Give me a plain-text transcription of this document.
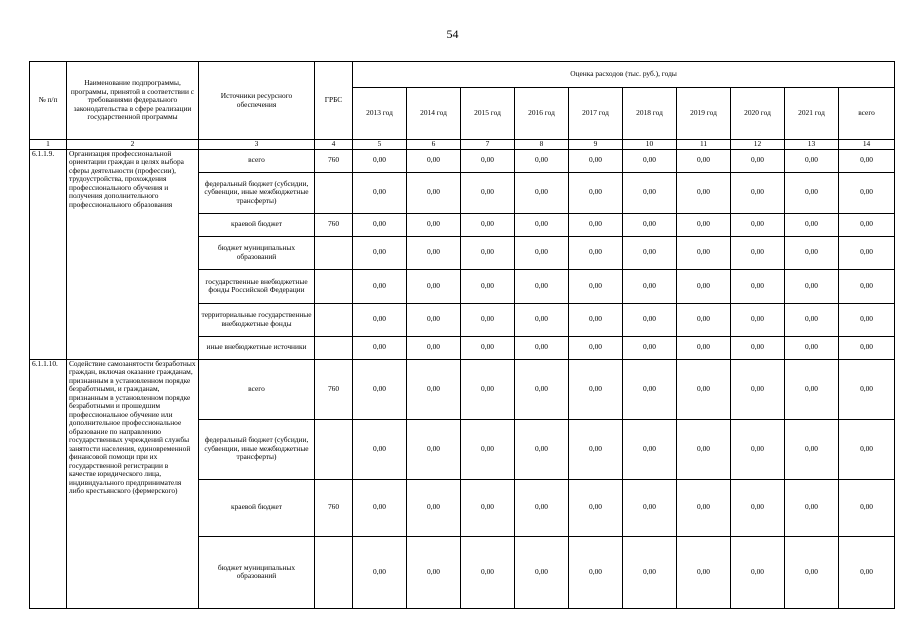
54
№ п/п	Наименование подпрограммы, программы, принятой в соответствии с требованиями федерального законодательства в сфере реализации государственной программы	Источники ресурсного обеспечения	ГРБС	Оценка расходов (тыс. руб.), годы									
				2013 год	2014 год	2015 год	2016 год	2017 год	2018 год	2019 год	2020 год	2021 год	всего
1	2	3	4	5	6	7	8	9	10	11	12	13	14
6.1.1.9.	Организация профессиональной ориентации граждан в целях выбора сферы деятельности (профессии), трудоустройства, прохождения профессионального обучения и получения дополнительного профессионального образования	всего	760	0,00	0,00	0,00	0,00	0,00	0,00	0,00	0,00	0,00	0,00
		федеральный бюджет (субсидии, субвенции, иные межбюджетные трансферты)		0,00	0,00	0,00	0,00	0,00	0,00	0,00	0,00	0,00	0,00
		краевой бюджет	760	0,00	0,00	0,00	0,00	0,00	0,00	0,00	0,00	0,00	0,00
		бюджет муниципальных образований		0,00	0,00	0,00	0,00	0,00	0,00	0,00	0,00	0,00	0,00
		государственные внебюджетные фонды Российской Федерации		0,00	0,00	0,00	0,00	0,00	0,00	0,00	0,00	0,00	0,00
		территориальные государственные внебюджетные фонды		0,00	0,00	0,00	0,00	0,00	0,00	0,00	0,00	0,00	0,00
		иные внебюджетные источники		0,00	0,00	0,00	0,00	0,00	0,00	0,00	0,00	0,00	0,00
6.1.1.10.	Содействие самозанятости безработных граждан, включая оказание гражданам, признанным в установленном порядке безработными, и гражданам, признанным в установленном порядке безработными и прошедшим профессиональное обучение или дополнительное профессиональное образование по направлению государственных учреждений службы занятости населения, единовременной финансовой помощи при их государственной регистрации в качестве юридического лица, индивидуального предпринимателя либо крестьянского (фермерского)	всего	760	0,00	0,00	0,00	0,00	0,00	0,00	0,00	0,00	0,00	0,00
		федеральный бюджет (субсидии, субвенции, иные межбюджетные трансферты)		0,00	0,00	0,00	0,00	0,00	0,00	0,00	0,00	0,00	0,00
		краевой бюджет	760	0,00	0,00	0,00	0,00	0,00	0,00	0,00	0,00	0,00	0,00
		бюджет муниципальных образований		0,00	0,00	0,00	0,00	0,00	0,00	0,00	0,00	0,00	0,00
